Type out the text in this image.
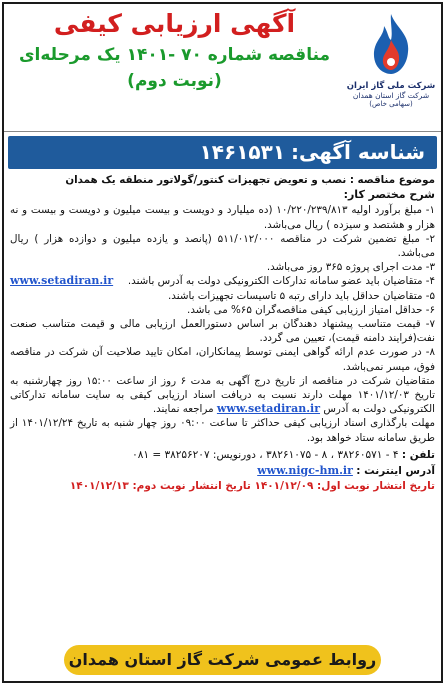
شرکت ملی گاز ایران
شرکت گاز استان همدان
(سهامی خاص)
آگهی ارزیابی کیفی
مناقصه شماره ۷۰ -۱۴۰۱ یک مرحله‌ای
(نوبت دوم)
شناسه آگهی: ۱۴۶۱۵۳۱

موضوع مناقصه : نصب و تعویض تجهیزات کنتور/گولاتور منطقه یک همدان

شرح مختصر کار:

۱- مبلغ برآورد اولیه ۱۰/۲۲۰/۲۳۹/۸۱۳ (ده میلیارد و دویست و بیست میلیون و دویست و بیست و نه هزار و هشتصد و سیزده ) ریال می‌باشد.

۲- مبلغ تضمین شرکت در مناقصه ۵۱۱/۰۱۲/۰۰۰ (پانصد و یازده میلیون و دوازده هزار ) ریال می‌باشد.

۳- مدت اجرای پروژه ۳۶۵ روز می‌باشد.

۴- متقاضیان باید عضو سامانه تدارکات الکترونیکی دولت به آدرس
www.setadiran.ir باشند.

۵- متقاضیان حداقل باید دارای رتبه ۵ تاسیسات تجهیزات باشند.

۶- حداقل امتیاز ارزیابی کیفی مناقصه‌گران ۶۵% می باشد.

۷- قیمت متناسب پیشنهاد دهندگان بر اساس دستورالعمل ارزیابی مالی و قیمت متناسب صنعت نفت(فرایند دامنه قیمت)، تعیین می گردد.

۸- در صورت عدم ارائه گواهی ایمنی توسط پیمانکاران، امکان تایید صلاحیت آن شرکت در مناقصه فوق، میسر نمی‌باشد.

متقاضیان شرکت در مناقصه از تاریخ درج آگهی به مدت ۶ روز از ساعت ۱۵:۰۰ روز چهارشنبه به تاریخ ۱۴۰۱/۱۲/۰۳ مهلت دارند نسبت به دریافت اسناد ارزیابی کیفی به سایت سامانه تدارکاتی الکترونیکی دولت به آدرس www.setadiran.ir مراجعه نمایند.

مهلت بارگذاری اسناد ارزیابی کیفی حداکثر تا ساعت ۰۹:۰۰ روز چهار شنبه به تاریخ ۱۴۰۱/۱۲/۲۴ از طریق سامانه ستاد خواهد بود.

تلفن : ۴ - ۳۸۲۶۰۵۷۱ ، ۸ - ۳۸۲۶۱۰۷۵ ، دورنویس: ۳۸۲۵۶۲۰۷ = ۰۸۱
آدرس اینترنت : www.nigc-hm.ir
تاریخ انتشار نوبت اول: ۱۴۰۱/۱۲/۰۹ تاریخ انتشار نوبت دوم: ۱۴۰۱/۱۲/۱۳
روابط عمومی شرکت گاز استان همدان
